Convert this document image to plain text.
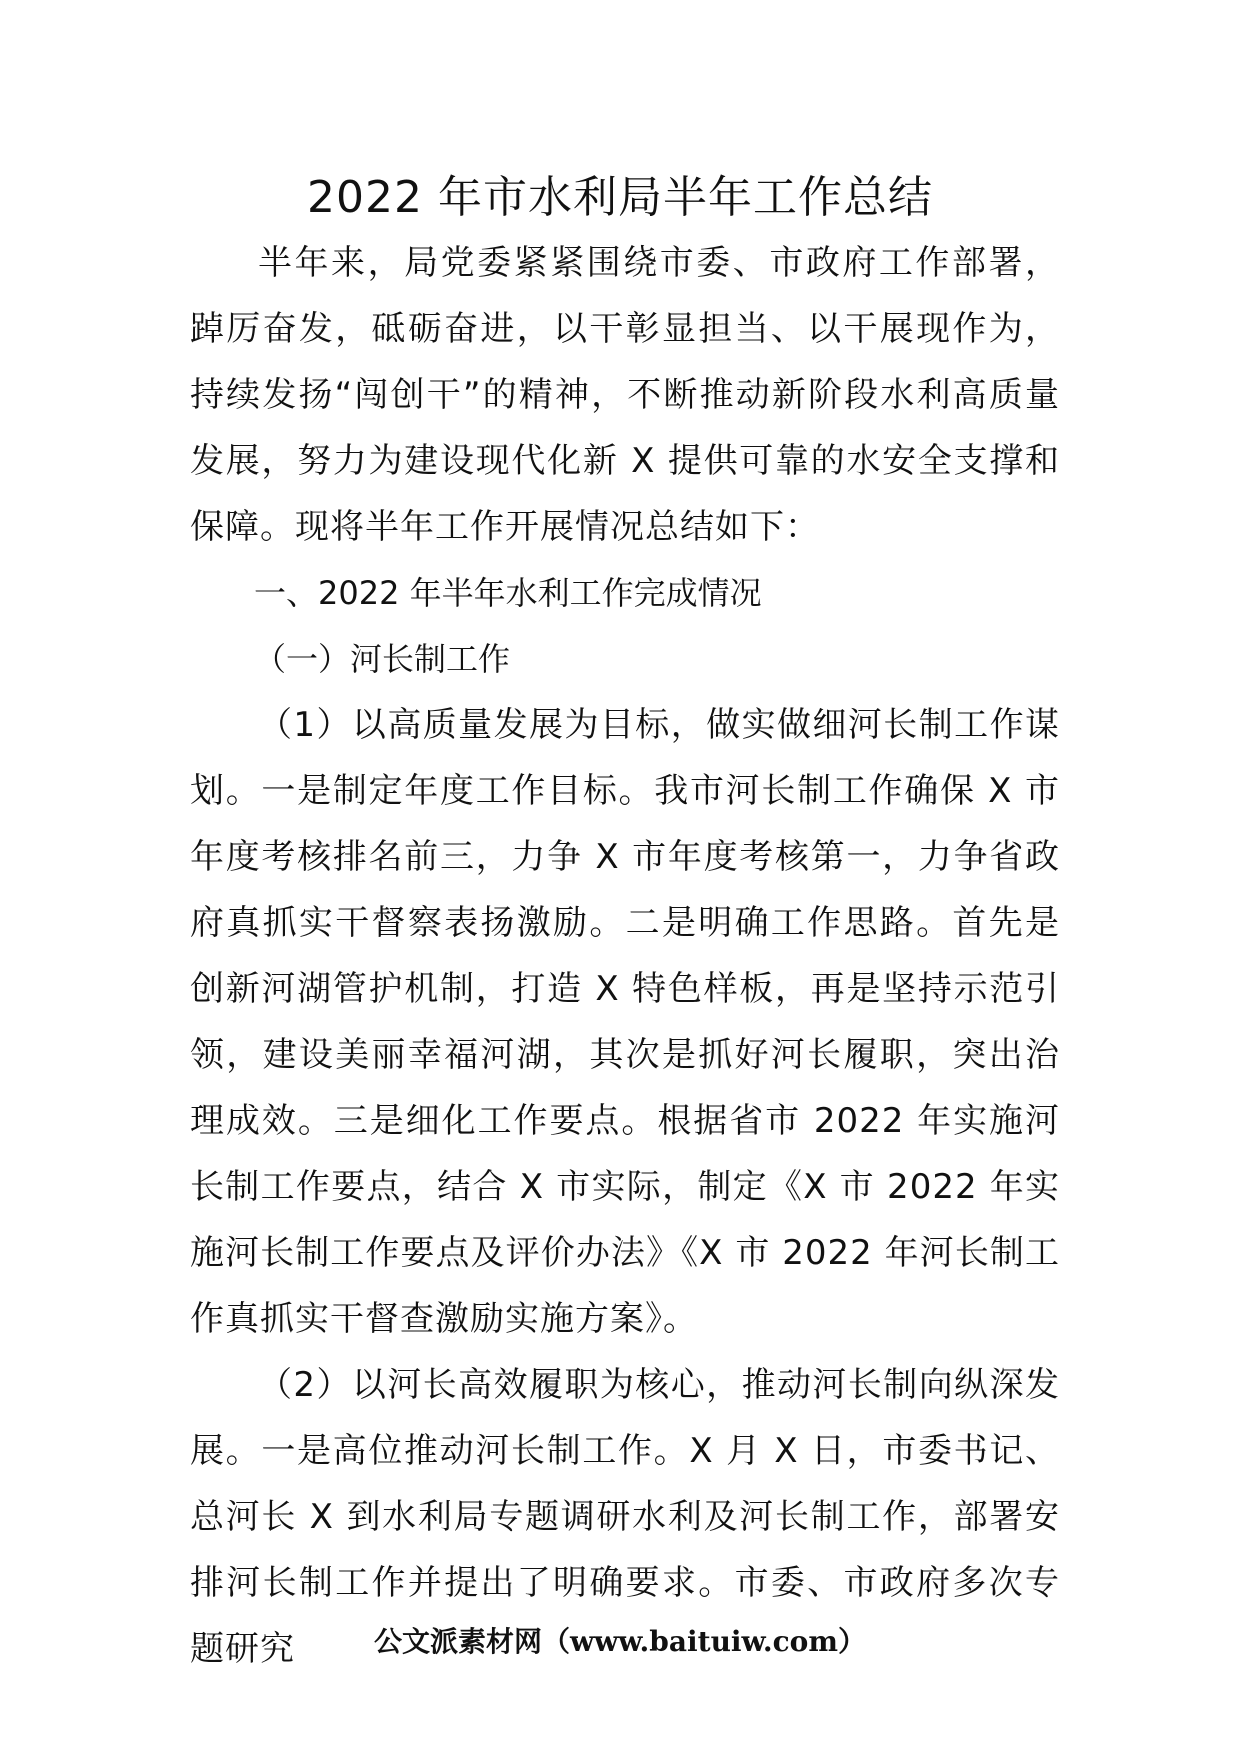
2022 年市水利局半年工作总结

半年来，局党委紧紧围绕市委、市政府工作部署，踔厉奋发，砥砺奋进，以干彰显担当、以干展现作为，持续发扬“闯创干”的精神，不断推动新阶段水利高质量发展，努力为建设现代化新 X 提供可靠的水安全支撑和保障。现将半年工作开展情况总结如下：

一、2022 年半年水利工作完成情况

（一）河长制工作

（1）以高质量发展为目标，做实做细河长制工作谋划。一是制定年度工作目标。我市河长制工作确保 X 市年度考核排名前三，力争 X 市年度考核第一，力争省政府真抓实干督察表扬激励。二是明确工作思路。首先是创新河湖管护机制，打造 X 特色样板，再是坚持示范引领，建设美丽幸福河湖，其次是抓好河长履职，突出治理成效。三是细化工作要点。根据省市 2022 年实施河长制工作要点，结合 X 市实际，制定《X 市 2022 年实施河长制工作要点及评价办法》《X 市 2022 年河长制工作真抓实干督查激励实施方案》。

（2）以河长高效履职为核心，推动河长制向纵深发展。一是高位推动河长制工作。X 月 X 日，市委书记、总河长 X 到水利局专题调研水利及河长制工作，部署安排河长制工作并提出了明确要求。市委、市政府多次专题研究	公文派素材网（www.baituiw.com）
